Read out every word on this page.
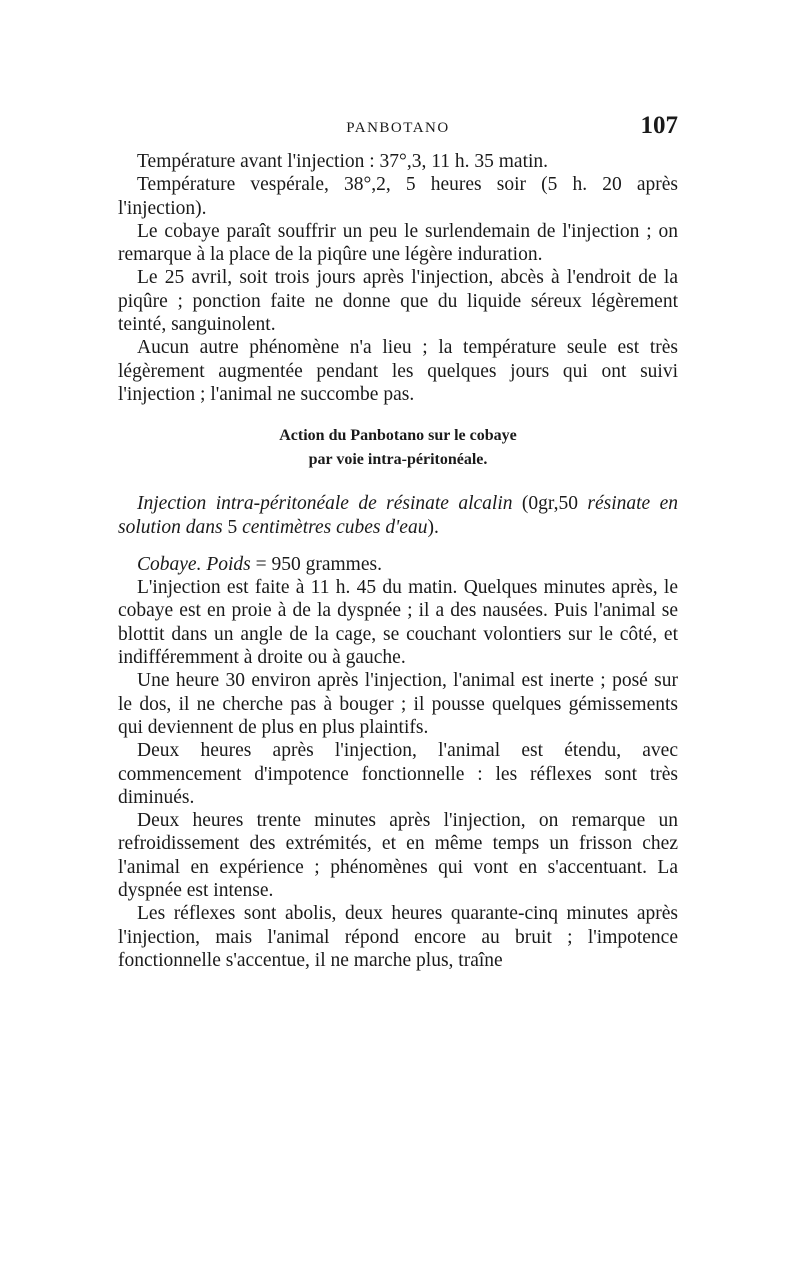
PANBOTANO	107

Température avant l'injection : 37°,3, 11 h. 35 matin.

Température vespérale, 38°,2, 5 heures soir (5 h. 20 après l'injection).

Le cobaye paraît souffrir un peu le surlendemain de l'injection ; on remarque à la place de la piqûre une légère induration.

Le 25 avril, soit trois jours après l'injection, abcès à l'endroit de la piqûre ; ponction faite ne donne que du liquide séreux légèrement teinté, sanguinolent.

Aucun autre phénomène n'a lieu ; la température seule est très légèrement augmentée pendant les quelques jours qui ont suivi l'injection ; l'animal ne succombe pas.

Action du Panbotano sur le cobaye
par voie intra-péritonéale.

Injection intra-péritonéale de résinate alcalin (0gr,50 résinate en solution dans 5 centimètres cubes d'eau).

Cobaye. Poids = 950 grammes.

L'injection est faite à 11 h. 45 du matin. Quelques minutes après, le cobaye est en proie à de la dyspnée ; il a des nausées. Puis l'animal se blottit dans un angle de la cage, se couchant volontiers sur le côté, et indifféremment à droite ou à gauche.

Une heure 30 environ après l'injection, l'animal est inerte ; posé sur le dos, il ne cherche pas à bouger ; il pousse quelques gémissements qui deviennent de plus en plus plaintifs.

Deux heures après l'injection, l'animal est étendu, avec commencement d'impotence fonctionnelle : les réflexes sont très diminués.

Deux heures trente minutes après l'injection, on remarque un refroidissement des extrémités, et en même temps un frisson chez l'animal en expérience ; phénomènes qui vont en s'accentuant. La dyspnée est intense.

Les réflexes sont abolis, deux heures quarante-cinq minutes après l'injection, mais l'animal répond encore au bruit ; l'impotence fonctionnelle s'accentue, il ne marche plus, traîne
